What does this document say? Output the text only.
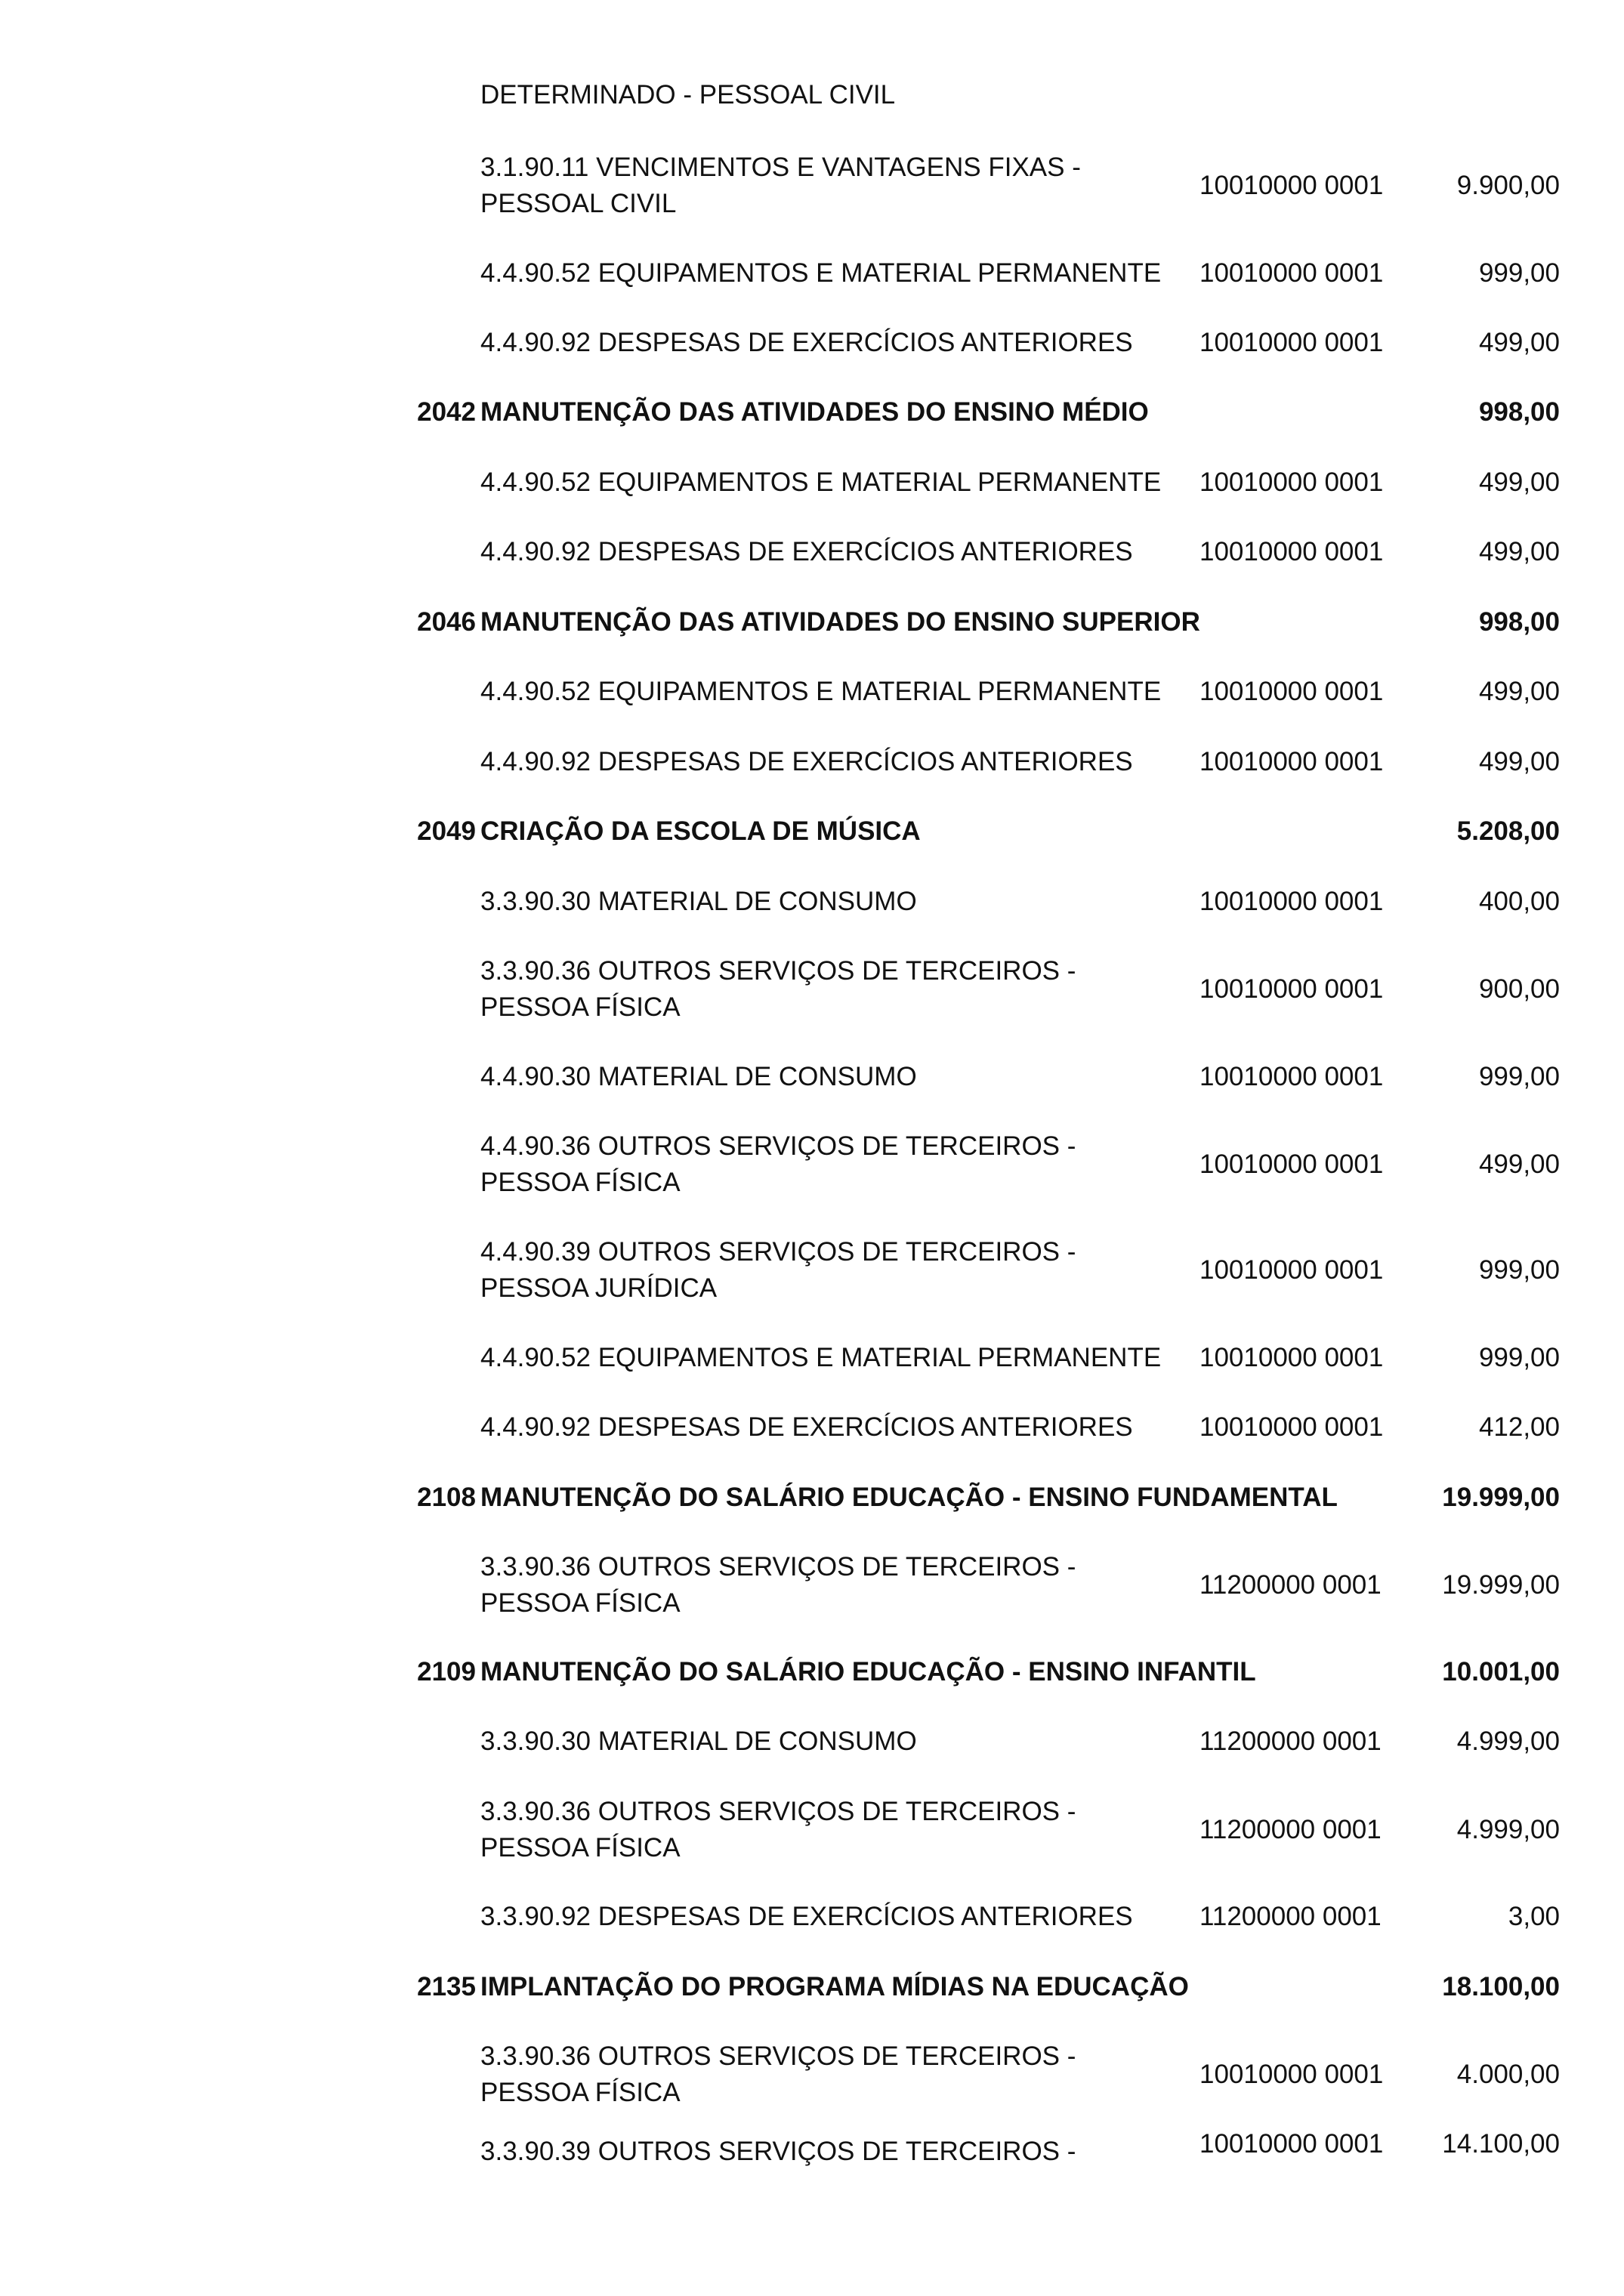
DETERMINADO - PESSOAL CIVIL
3.1.90.11 VENCIMENTOS E VANTAGENS FIXAS -
PESSOAL CIVIL
10010000 0001	9.900,00
4.4.90.52 EQUIPAMENTOS E MATERIAL PERMANENTE	10010000 0001	999,00
4.4.90.92 DESPESAS DE EXERCÍCIOS ANTERIORES	10010000 0001	499,00
2042 MANUTENÇÃO DAS ATIVIDADES DO ENSINO MÉDIO	998,00
4.4.90.52 EQUIPAMENTOS E MATERIAL PERMANENTE	10010000 0001	499,00
4.4.90.92 DESPESAS DE EXERCÍCIOS ANTERIORES	10010000 0001	499,00
2046 MANUTENÇÃO DAS ATIVIDADES DO ENSINO SUPERIOR	998,00
4.4.90.52 EQUIPAMENTOS E MATERIAL PERMANENTE	10010000 0001	499,00
4.4.90.92 DESPESAS DE EXERCÍCIOS ANTERIORES	10010000 0001	499,00
2049 CRIAÇÃO DA ESCOLA DE MÚSICA	5.208,00
3.3.90.30 MATERIAL DE CONSUMO	10010000 0001	400,00
3.3.90.36 OUTROS SERVIÇOS DE TERCEIROS -
PESSOA FÍSICA
10010000 0001	900,00
4.4.90.30 MATERIAL DE CONSUMO	10010000 0001	999,00
4.4.90.36 OUTROS SERVIÇOS DE TERCEIROS -
PESSOA FÍSICA
10010000 0001	499,00
4.4.90.39 OUTROS SERVIÇOS DE TERCEIROS -
PESSOA JURÍDICA
10010000 0001	999,00
4.4.90.52 EQUIPAMENTOS E MATERIAL PERMANENTE	10010000 0001	999,00
4.4.90.92 DESPESAS DE EXERCÍCIOS ANTERIORES	10010000 0001	412,00
2108 MANUTENÇÃO DO SALÁRIO EDUCAÇÃO - ENSINO FUNDAMENTAL	19.999,00
3.3.90.36 OUTROS SERVIÇOS DE TERCEIROS -
PESSOA FÍSICA
11200000 0001	19.999,00
2109 MANUTENÇÃO DO SALÁRIO EDUCAÇÃO - ENSINO INFANTIL	10.001,00
3.3.90.30 MATERIAL DE CONSUMO	11200000 0001	4.999,00
3.3.90.36 OUTROS SERVIÇOS DE TERCEIROS -
PESSOA FÍSICA
11200000 0001	4.999,00
3.3.90.92 DESPESAS DE EXERCÍCIOS ANTERIORES	11200000 0001	3,00
2135 IMPLANTAÇÃO DO PROGRAMA MÍDIAS NA EDUCAÇÃO	18.100,00
3.3.90.36 OUTROS SERVIÇOS DE TERCEIROS -
PESSOA FÍSICA
10010000 0001	4.000,00
3.3.90.39 OUTROS SERVIÇOS DE TERCEIROS -	10010000 0001	14.100,00
